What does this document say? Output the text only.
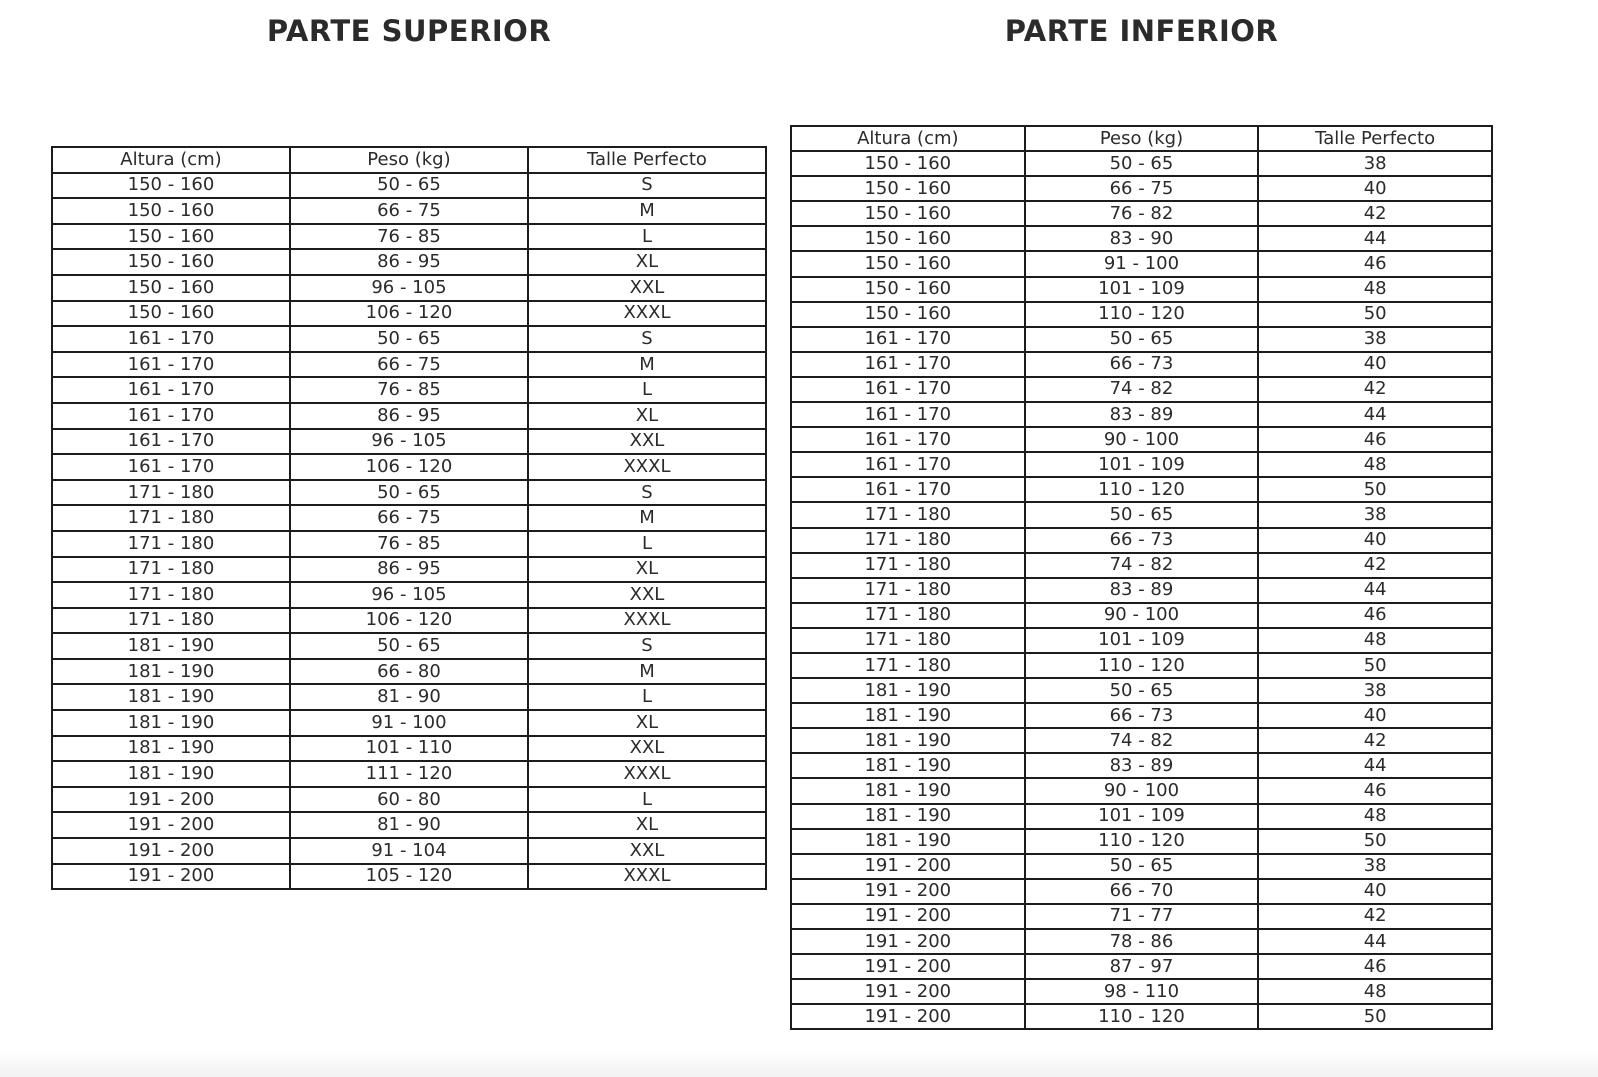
PARTE SUPERIOR	PARTE INFERIOR
Altura (cm)	Peso (kg)	Talle Perfecto
150 - 160	50 - 65	S
150 - 160	66 - 75	M
150 - 160	76 - 85	L
150 - 160	86 - 95	XL
150 - 160	96 - 105	XXL
150 - 160	106 - 120	XXXL
161 - 170	50 - 65	S
161 - 170	66 - 75	M
161 - 170	76 - 85	L
161 - 170	86 - 95	XL
161 - 170	96 - 105	XXL
161 - 170	106 - 120	XXXL
171 - 180	50 - 65	S
171 - 180	66 - 75	M
171 - 180	76 - 85	L
171 - 180	86 - 95	XL
171 - 180	96 - 105	XXL
171 - 180	106 - 120	XXXL
181 - 190	50 - 65	S
181 - 190	66 - 80	M
181 - 190	81 - 90	L
181 - 190	91 - 100	XL
181 - 190	101 - 110	XXL
181 - 190	111 - 120	XXXL
191 - 200	60 - 80	L
191 - 200	81 - 90	XL
191 - 200	91 - 104	XXL
191 - 200	105 - 120	XXXL
Altura (cm)	Peso (kg)	Talle Perfecto
150 - 160	50 - 65	38
150 - 160	66 - 75	40
150 - 160	76 - 82	42
150 - 160	83 - 90	44
150 - 160	91 - 100	46
150 - 160	101 - 109	48
150 - 160	110 - 120	50
161 - 170	50 - 65	38
161 - 170	66 - 73	40
161 - 170	74 - 82	42
161 - 170	83 - 89	44
161 - 170	90 - 100	46
161 - 170	101 - 109	48
161 - 170	110 - 120	50
171 - 180	50 - 65	38
171 - 180	66 - 73	40
171 - 180	74 - 82	42
171 - 180	83 - 89	44
171 - 180	90 - 100	46
171 - 180	101 - 109	48
171 - 180	110 - 120	50
181 - 190	50 - 65	38
181 - 190	66 - 73	40
181 - 190	74 - 82	42
181 - 190	83 - 89	44
181 - 190	90 - 100	46
181 - 190	101 - 109	48
181 - 190	110 - 120	50
191 - 200	50 - 65	38
191 - 200	66 - 70	40
191 - 200	71 - 77	42
191 - 200	78 - 86	44
191 - 200	87 - 97	46
191 - 200	98 - 110	48
191 - 200	110 - 120	50
